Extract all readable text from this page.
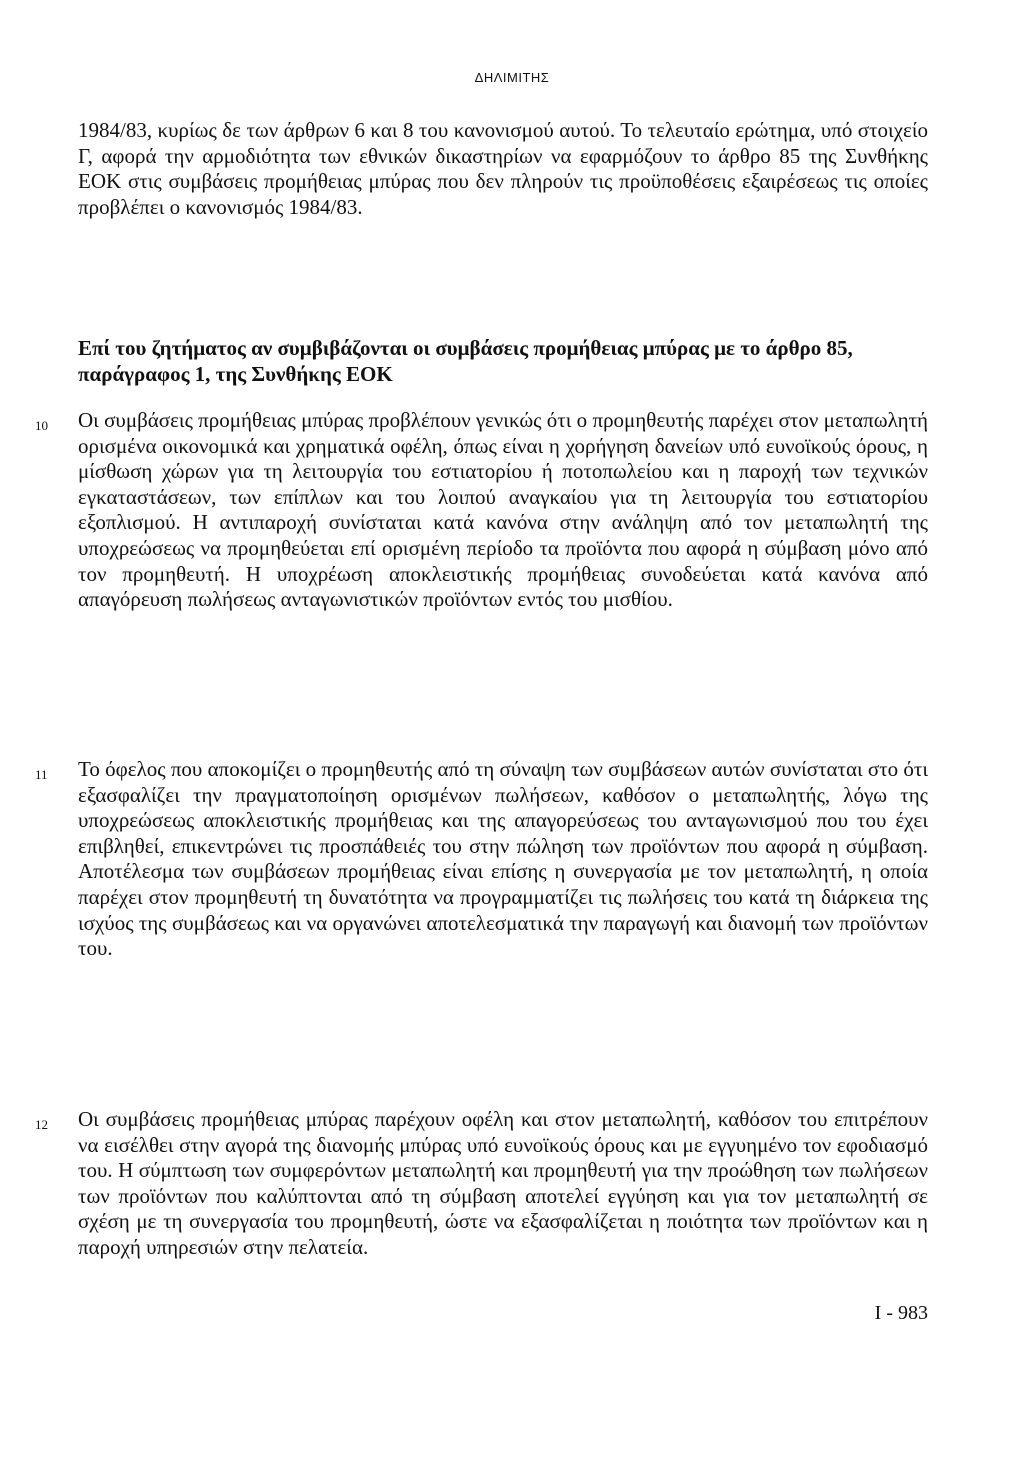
ΔΗΛΙΜΙΤΗΣ
1984/83, κυρίως δε των άρθρων 6 και 8 του κανονισμού αυτού. Το τελευταίο ερώτημα, υπό στοιχείο Γ, αφορά την αρμοδιότητα των εθνικών δικαστηρίων να εφαρμόζουν το άρθρο 85 της Συνθήκης ΕΟΚ στις συμβάσεις προμήθειας μπύρας που δεν πληρούν τις προϋποθέσεις εξαιρέσεως τις οποίες προβλέπει ο κανονισμός 1984/83.
Επί του ζητήματος αν συμβιβάζονται οι συμβάσεις προμήθειας μπύρας με το άρθρο 85, παράγραφος 1, της Συνθήκης ΕΟΚ
10 Οι συμβάσεις προμήθειας μπύρας προβλέπουν γενικώς ότι ο προμηθευτής παρέχει στον μεταπωλητή ορισμένα οικονομικά και χρηματικά οφέλη, όπως είναι η χορήγηση δανείων υπό ευνοϊκούς όρους, η μίσθωση χώρων για τη λειτουργία του εστιατορίου ή ποτοπωλείου και η παροχή των τεχνικών εγκαταστάσεων, των επίπλων και του λοιπού αναγκαίου για τη λειτουργία του εστιατορίου εξοπλισμού. Η αντιπαροχή συνίσταται κατά κανόνα στην ανάληψη από τον μεταπωλητή της υποχρεώσεως να προμηθεύεται επί ορισμένη περίοδο τα προϊόντα που αφορά η σύμβαση μόνο από τον προμηθευτή. Η υποχρέωση αποκλειστικής προμήθειας συνοδεύεται κατά κανόνα από απαγόρευση πωλήσεως ανταγωνιστικών προϊόντων εντός του μισθίου.
11 Το όφελος που αποκομίζει ο προμηθευτής από τη σύναψη των συμβάσεων αυτών συνίσταται στο ότι εξασφαλίζει την πραγματοποίηση ορισμένων πωλήσεων, καθόσον ο μεταπωλητής, λόγω της υποχρεώσεως αποκλειστικής προμήθειας και της απαγορεύσεως του ανταγωνισμού που του έχει επιβληθεί, επικεντρώνει τις προσπάθειές του στην πώληση των προϊόντων που αφορά η σύμβαση. Αποτέλεσμα των συμβάσεων προμήθειας είναι επίσης η συνεργασία με τον μεταπωλητή, η οποία παρέχει στον προμηθευτή τη δυνατότητα να προγραμματίζει τις πωλήσεις του κατά τη διάρκεια της ισχύος της συμβάσεως και να οργανώνει αποτελεσματικά την παραγωγή και διανομή των προϊόντων του.
12 Οι συμβάσεις προμήθειας μπύρας παρέχουν οφέλη και στον μεταπωλητή, καθόσον του επιτρέπουν να εισέλθει στην αγορά της διανομής μπύρας υπό ευνοϊκούς όρους και με εγγυημένο τον εφοδιασμό του. Η σύμπτωση των συμφερόντων μεταπωλητή και προμηθευτή για την προώθηση των πωλήσεων των προϊόντων που καλύπτονται από τη σύμβαση αποτελεί εγγύηση και για τον μεταπωλητή σε σχέση με τη συνεργασία του προμηθευτή, ώστε να εξασφαλίζεται η ποιότητα των προϊόντων και η παροχή υπηρεσιών στην πελατεία.
I - 983
